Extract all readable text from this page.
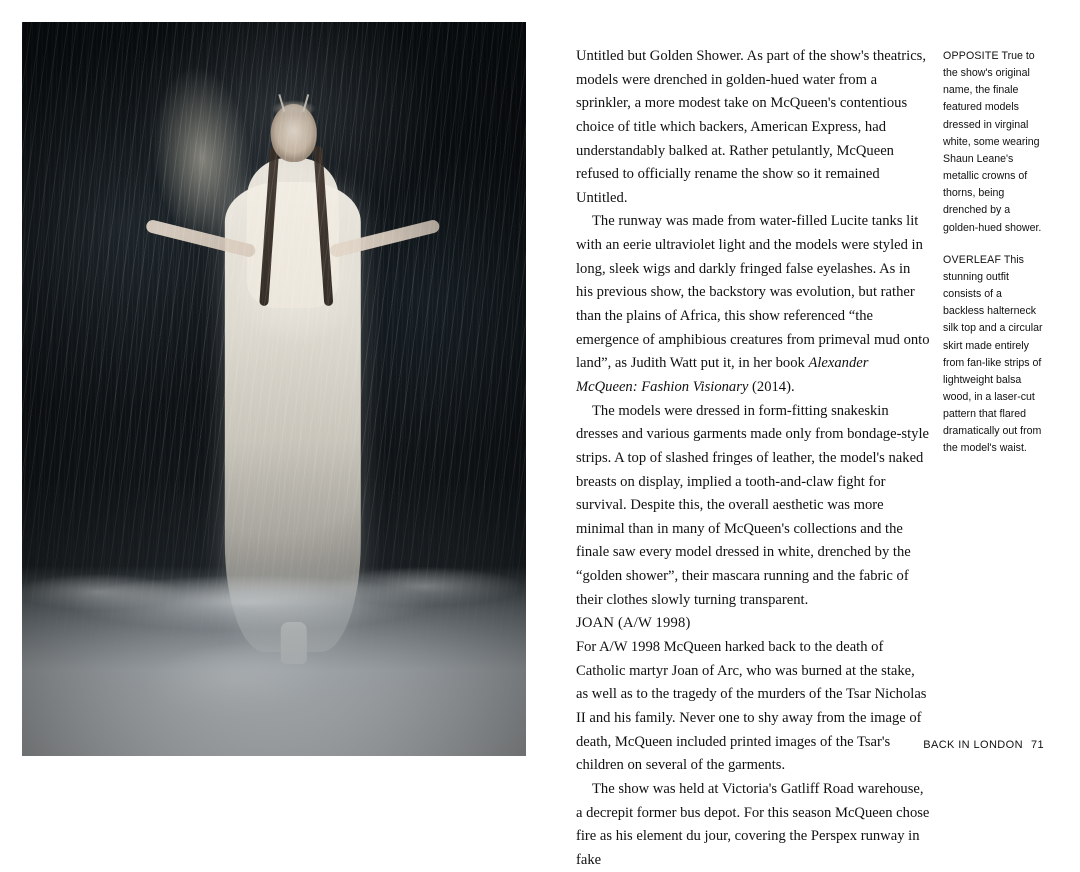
Untitled but Golden Shower. As part of the show's theatrics, models were drenched in golden-hued water from a sprinkler, a more modest take on McQueen's contentious choice of title which backers, American Express, had understandably balked at. Rather petulantly, McQueen refused to officially rename the show so it remained Untitled.

The runway was made from water-filled Lucite tanks lit with an eerie ultraviolet light and the models were styled in long, sleek wigs and darkly fringed false eyelashes. As in his previous show, the backstory was evolution, but rather than the plains of Africa, this show referenced “the emergence of amphibious creatures from primeval mud onto land”, as Judith Watt put it, in her book Alexander McQueen: Fashion Visionary (2014).

The models were dressed in form-fitting snakeskin dresses and various garments made only from bondage-style strips. A top of slashed fringes of leather, the model's naked breasts on display, implied a tooth-and-claw fight for survival. Despite this, the overall aesthetic was more minimal than in many of McQueen's collections and the finale saw every model dressed in white, drenched by the “golden shower”, their mascara running and the fabric of their clothes slowly turning transparent.

JOAN (A/W 1998)

For A/W 1998 McQueen harked back to the death of Catholic martyr Joan of Arc, who was burned at the stake, as well as to the tragedy of the murders of the Tsar Nicholas II and his family. Never one to shy away from the image of death, McQueen included printed images of the Tsar's children on several of the garments.

The show was held at Victoria's Gatliff Road warehouse, a decrepit former bus depot. For this season McQueen chose fire as his element du jour, covering the Perspex runway in fake

OPPOSITE True to the show's original name, the finale featured models dressed in virginal white, some wearing Shaun Leane's metallic crowns of thorns, being drenched by a golden-hued shower.

OVERLEAF This stunning outfit consists of a backless halterneck silk top and a circular skirt made entirely from fan-like strips of lightweight balsa wood, in a laser-cut pattern that flared dramatically out from the model's waist.

BACK IN LONDON 71
